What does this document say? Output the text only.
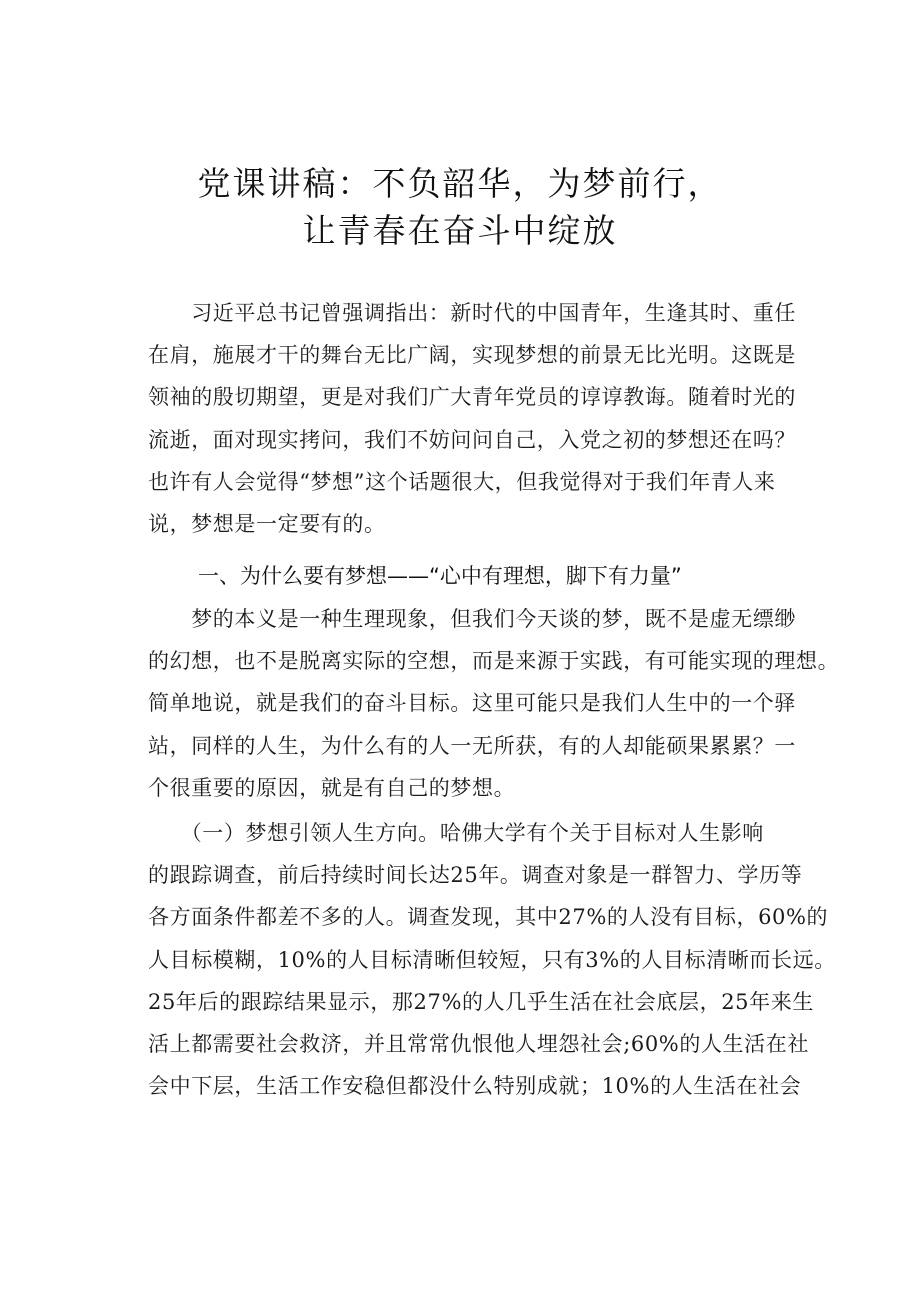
党课讲稿：不负韶华，为梦前行，
让青春在奋斗中绽放
　　习近平总书记曾强调指出：新时代的中国青年，生逢其时、重任
在肩，施展才干的舞台无比广阔，实现梦想的前景无比光明。这既是
领袖的殷切期望，更是对我们广大青年党员的谆谆教诲。随着时光的
流逝，面对现实拷问，我们不妨问问自己，入党之初的梦想还在吗？
也许有人会觉得“梦想”这个话题很大，但我觉得对于我们年青人来
说，梦想是一定要有的。
一、为什么要有梦想——“心中有理想，脚下有力量”
　　梦的本义是一种生理现象，但我们今天谈的梦，既不是虚无缥缈
的幻想，也不是脱离实际的空想，而是来源于实践，有可能实现的理想。
简单地说，就是我们的奋斗目标。这里可能只是我们人生中的一个驿
站，同样的人生，为什么有的人一无所获，有的人却能硕果累累？一
个很重要的原因，就是有自己的梦想。
　　（一）梦想引领人生方向。哈佛大学有个关于目标对人生影响
的跟踪调查，前后持续时间长达25年。调查对象是一群智力、学历等
各方面条件都差不多的人。调查发现，其中27%的人没有目标，60%的
人目标模糊，10%的人目标清晰但较短，只有3%的人目标清晰而长远。
25年后的跟踪结果显示，那27%的人几乎生活在社会底层，25年来生
活上都需要社会救济，并且常常仇恨他人埋怨社会;60%的人生活在社
会中下层，生活工作安稳但都没什么特别成就；10%的人生活在社会
